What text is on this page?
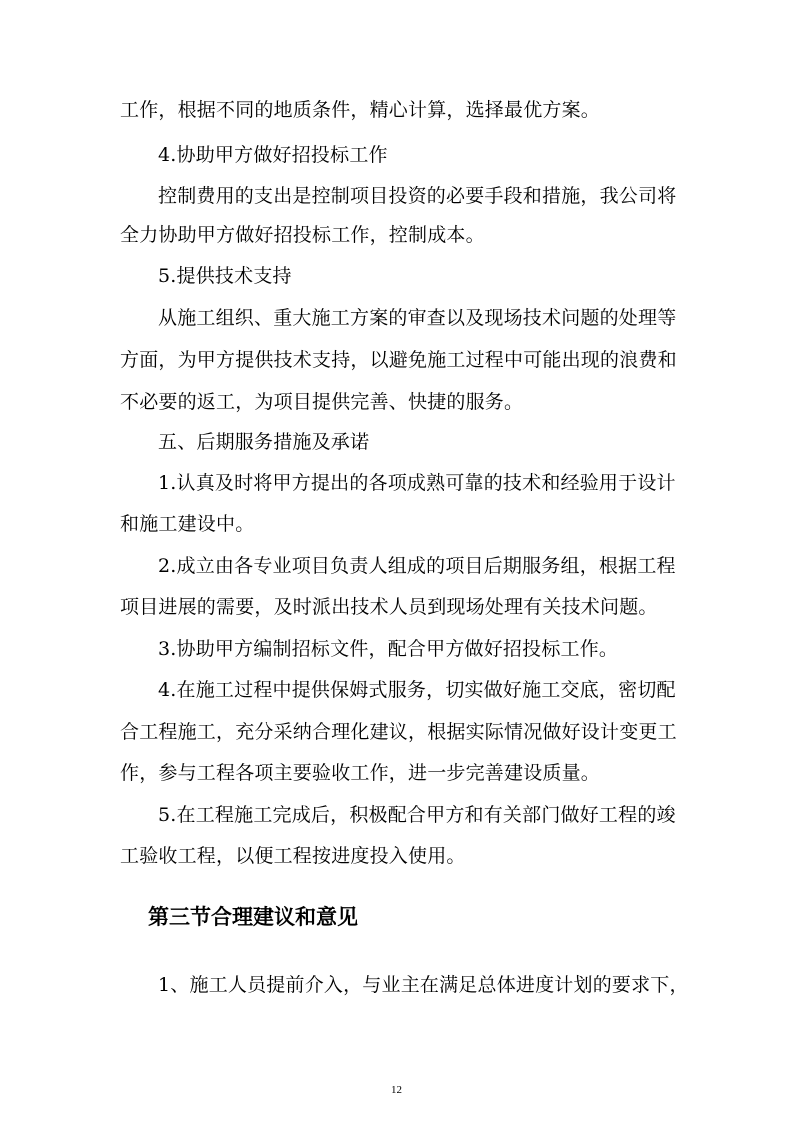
工作，根据不同的地质条件，精心计算，选择最优方案。
4.协助甲方做好招投标工作
控制费用的支出是控制项目投资的必要手段和措施，我公司将
全力协助甲方做好招投标工作，控制成本。
5.提供技术支持
从施工组织、重大施工方案的审查以及现场技术问题的处理等
方面，为甲方提供技术支持，以避免施工过程中可能出现的浪费和
不必要的返工，为项目提供完善、快捷的服务。
五、后期服务措施及承诺
1.认真及时将甲方提出的各项成熟可靠的技术和经验用于设计
和施工建设中。
2.成立由各专业项目负责人组成的项目后期服务组，根据工程
项目进展的需要，及时派出技术人员到现场处理有关技术问题。
3.协助甲方编制招标文件，配合甲方做好招投标工作。
4.在施工过程中提供保姆式服务，切实做好施工交底，密切配
合工程施工，充分采纳合理化建议，根据实际情况做好设计变更工
作，参与工程各项主要验收工作，进一步完善建设质量。
5.在工程施工完成后，积极配合甲方和有关部门做好工程的竣
工验收工程，以便工程按进度投入使用。
第三节合理建议和意见
1、施工人员提前介入，与业主在满足总体进度计划的要求下，
12
